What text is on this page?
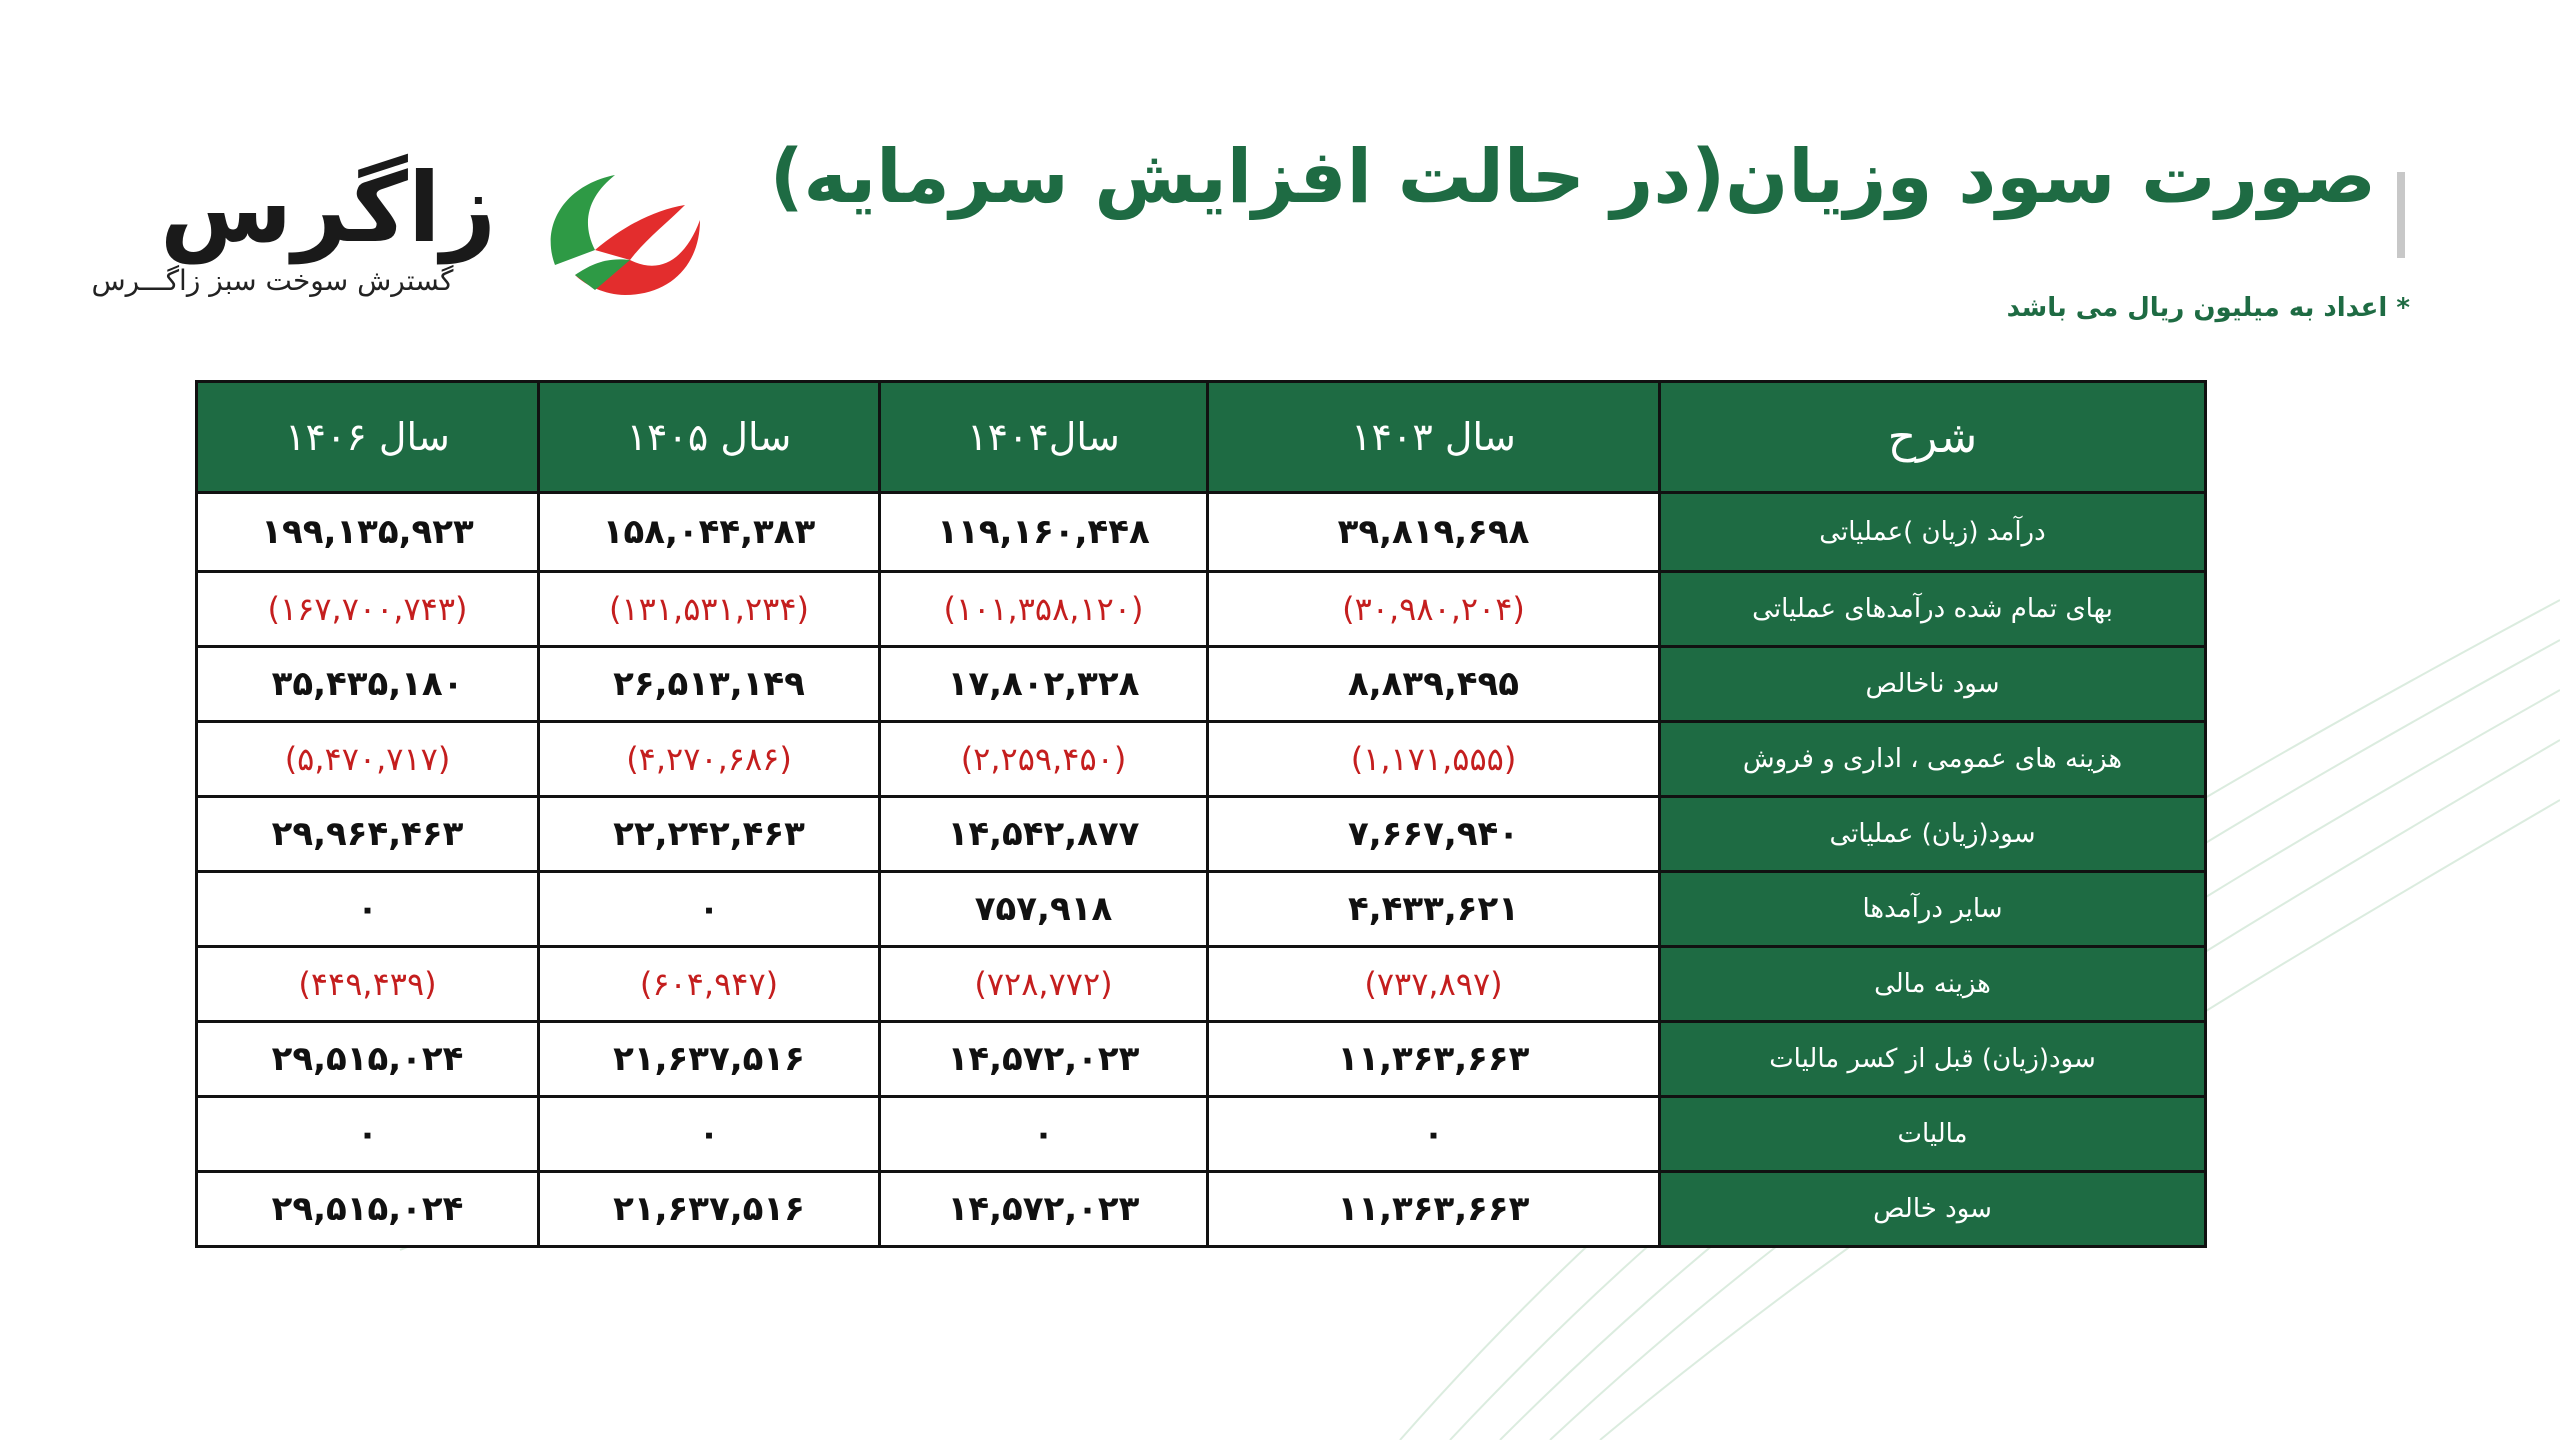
صورت سود وزیان(در حالت افزایش سرمایه)
* اعداد به میلیون ریال می باشد
زاگرس
گسترش سوخت سبز زاگـــرس
شرح	سال ۱۴۰۳	سال۱۴۰۴	سال ۱۴۰۵	سال ۱۴۰۶
درآمد (زیان )عملیاتی	۳۹,۸۱۹,۶۹۸	۱۱۹,۱۶۰,۴۴۸	۱۵۸,۰۴۴,۳۸۳	۱۹۹,۱۳۵,۹۲۳
بهای تمام شده درآمدهای عملیاتی	(۳۰,۹۸۰,۲۰۴)	(۱۰۱,۳۵۸,۱۲۰)	(۱۳۱,۵۳۱,۲۳۴)	(۱۶۷,۷۰۰,۷۴۳)
سود ناخالص	۸,۸۳۹,۴۹۵	۱۷,۸۰۲,۳۲۸	۲۶,۵۱۳,۱۴۹	۳۵,۴۳۵,۱۸۰
هزینه های عمومی ، اداری و فروش	(۱,۱۷۱,۵۵۵)	(۲,۲۵۹,۴۵۰)	(۴,۲۷۰,۶۸۶)	(۵,۴۷۰,۷۱۷)
سود(زیان) عملیاتی	۷,۶۶۷,۹۴۰	۱۴,۵۴۲,۸۷۷	۲۲,۲۴۲,۴۶۳	۲۹,۹۶۴,۴۶۳
سایر درآمدها	۴,۴۳۳,۶۲۱	۷۵۷,۹۱۸	۰	۰
هزینه مالی	(۷۳۷,۸۹۷)	(۷۲۸,۷۷۲)	(۶۰۴,۹۴۷)	(۴۴۹,۴۳۹)
سود(زیان) قبل از کسر مالیات	۱۱,۳۶۳,۶۶۳	۱۴,۵۷۲,۰۲۳	۲۱,۶۳۷,۵۱۶	۲۹,۵۱۵,۰۲۴
مالیات	۰	۰	۰	۰
سود خالص	۱۱,۳۶۳,۶۶۳	۱۴,۵۷۲,۰۲۳	۲۱,۶۳۷,۵۱۶	۲۹,۵۱۵,۰۲۴
